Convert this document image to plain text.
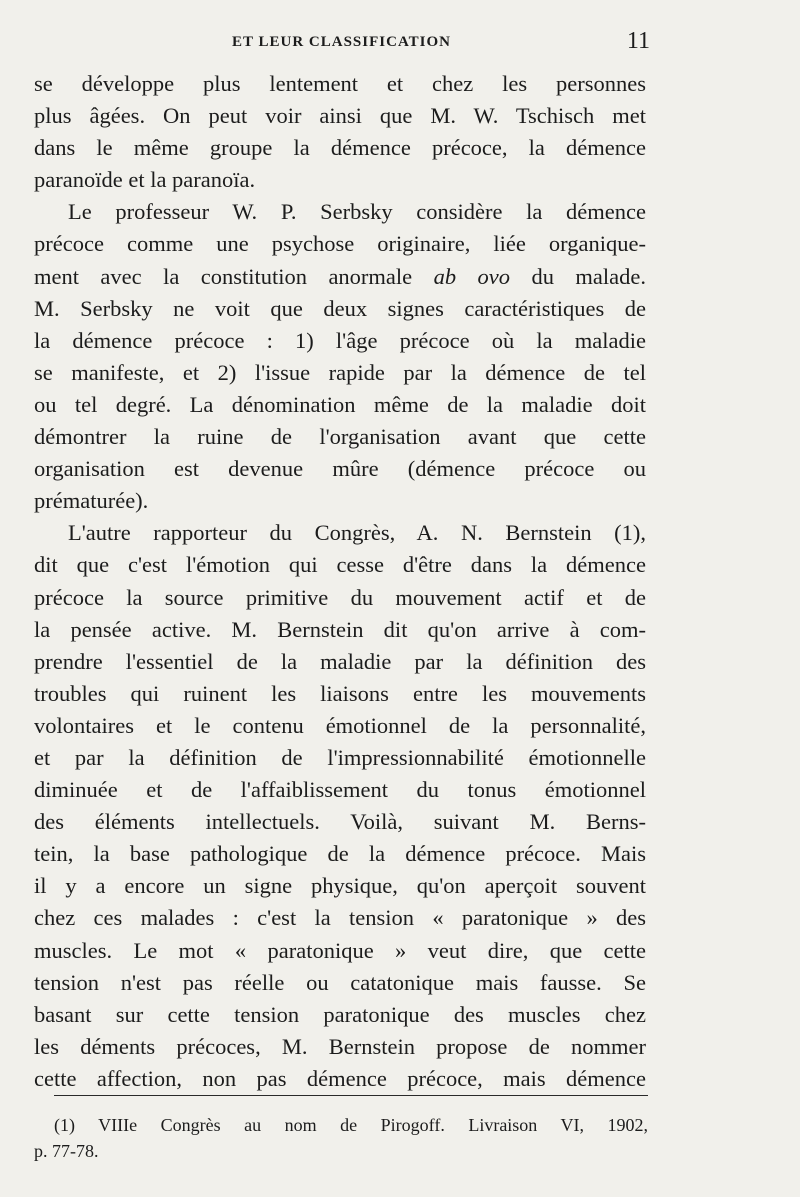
ET LEUR CLASSIFICATION	11
se développe plus lentement et chez les personnes
plus âgées. On peut voir ainsi que M. W. Tschisch met
dans le même groupe la démence précoce, la démence
paranoïde et la paranoïa.
Le professeur W. P. Serbsky considère la démence
précoce comme une psychose originaire, liée organique-
ment avec la constitution anormale ab ovo du malade.
M. Serbsky ne voit que deux signes caractéristiques de
la démence précoce : 1) l'âge précoce où la maladie
se manifeste, et 2) l'issue rapide par la démence de tel
ou tel degré. La dénomination même de la maladie doit
démontrer la ruine de l'organisation avant que cette
organisation est devenue mûre (démence précoce ou
prématurée).
L'autre rapporteur du Congrès, A. N. Bernstein (1),
dit que c'est l'émotion qui cesse d'être dans la démence
précoce la source primitive du mouvement actif et de
la pensée active. M. Bernstein dit qu'on arrive à com-
prendre l'essentiel de la maladie par la définition des
troubles qui ruinent les liaisons entre les mouvements
volontaires et le contenu émotionnel de la personnalité,
et par la définition de l'impressionnabilité émotionnelle
diminuée et de l'affaiblissement du tonus émotionnel
des éléments intellectuels. Voilà, suivant M. Berns-
tein, la base pathologique de la démence précoce. Mais
il y a encore un signe physique, qu'on aperçoit souvent
chez ces malades : c'est la tension « paratonique » des
muscles. Le mot « paratonique » veut dire, que cette
tension n'est pas réelle ou catatonique mais fausse. Se
basant sur cette tension paratonique des muscles chez
les déments précoces, M. Bernstein propose de nommer
cette affection, non pas démence précoce, mais démence
(1) VIIIe Congrès au nom de Pirogoff. Livraison VI, 1902,
p. 77-78.
